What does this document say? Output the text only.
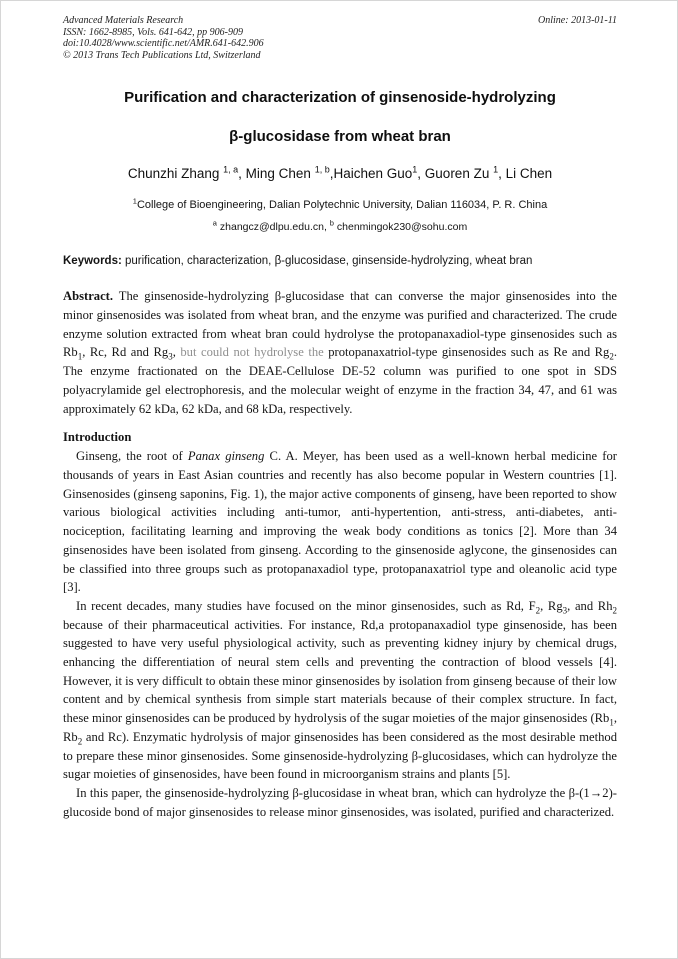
Advanced Materials Research
ISSN: 1662-8985, Vols. 641-642, pp 906-909
doi:10.4028/www.scientific.net/AMR.641-642.906
© 2013 Trans Tech Publications Ltd, Switzerland
Online: 2013-01-11
Purification and characterization of ginsenoside-hydrolyzing
β-glucosidase from wheat bran
Chunzhi Zhang $^{1, a}$, Ming Chen $^{1, b}$,Haichen Guo$^1$, Guoren Zu $^1$, Li Chen
$^1$College of Bioengineering, Dalian Polytechnic University, Dalian 116034, P. R. China
$^a$ zhangcz@dlpu.edu.cn, $^b$ chenmingok230@sohu.com
Keywords: purification, characterization, β-glucosidase, ginsenside-hydrolyzing, wheat bran

Abstract. The ginsenoside-hydrolyzing β-glucosidase that can converse the major ginsenosides into the minor ginsenosides was isolated from wheat bran, and the enzyme was purified and characterized. The crude enzyme solution extracted from wheat bran could hydrolyse the protopanaxadiol-type ginsenosides such as $Rb_1$, Rc, Rd and $Rg_3$, but could not hydrolyse the protopanaxatriol-type ginsenosides such as Re and $Rg_2$. The enzyme fractionated on the DEAE-Cellulose DE-52 column was purified to one spot in SDS polyacrylamide gel electrophoresis, and the molecular weight of enzyme in the fraction 34, 47, and 61 was approximately 62 kDa, 62 kDa, and 68 kDa, respectively.

Introduction

Ginseng, the root of Panax ginseng C. A. Meyer, has been used as a well-known herbal medicine for thousands of years in East Asian countries and recently has also become popular in Western countries [1]. Ginsenosides (ginseng saponins, Fig. 1), the major active components of ginseng, have been reported to show various biological activities including anti-tumor, anti-hypertention, anti-stress, anti-diabetes, anti-nociception, facilitating learning and improving the weak body conditions as tonics [2]. More than 34 ginsenosides have been isolated from ginseng. According to the ginsenoside aglycone, the ginsenosides can be classified into three groups such as protopanaxadiol type, protopanaxatriol type and oleanolic acid type [3].

In recent decades, many studies have focused on the minor ginsenosides, such as Rd, $F_2$, $Rg_3$, and $Rh_2$ because of their pharmaceutical activities. For instance, Rd,a protopanaxadiol type ginsenoside, has been suggested to have very useful physiological activity, such as preventing kidney injury by chemical drugs, enhancing the differentiation of neural stem cells and preventing the contraction of blood vessels [4]. However, it is very difficult to obtain these minor ginsenosides by isolation from ginseng because of their low content and by chemical synthesis from simple start materials because of their complex structure. In fact, these minor ginsenosides can be produced by hydrolysis of the sugar moieties of the major ginsenosides ($Rb_1$, $Rb_2$ and Rc). Enzymatic hydrolysis of major ginsenosides has been considered as the most desirable method to prepare these minor ginsenosides. Some ginsenoside-hydrolyzing β-glucosidases, which can hydrolyze the sugar moieties of ginsenosides, have been found in microorganism strains and plants [5].

In this paper, the ginsenoside-hydrolyzing β-glucosidase in wheat bran, which can hydrolyze the β-(1→2)-glucoside bond of major ginsenosides to release minor ginsenosides, was isolated, purified and characterized.
